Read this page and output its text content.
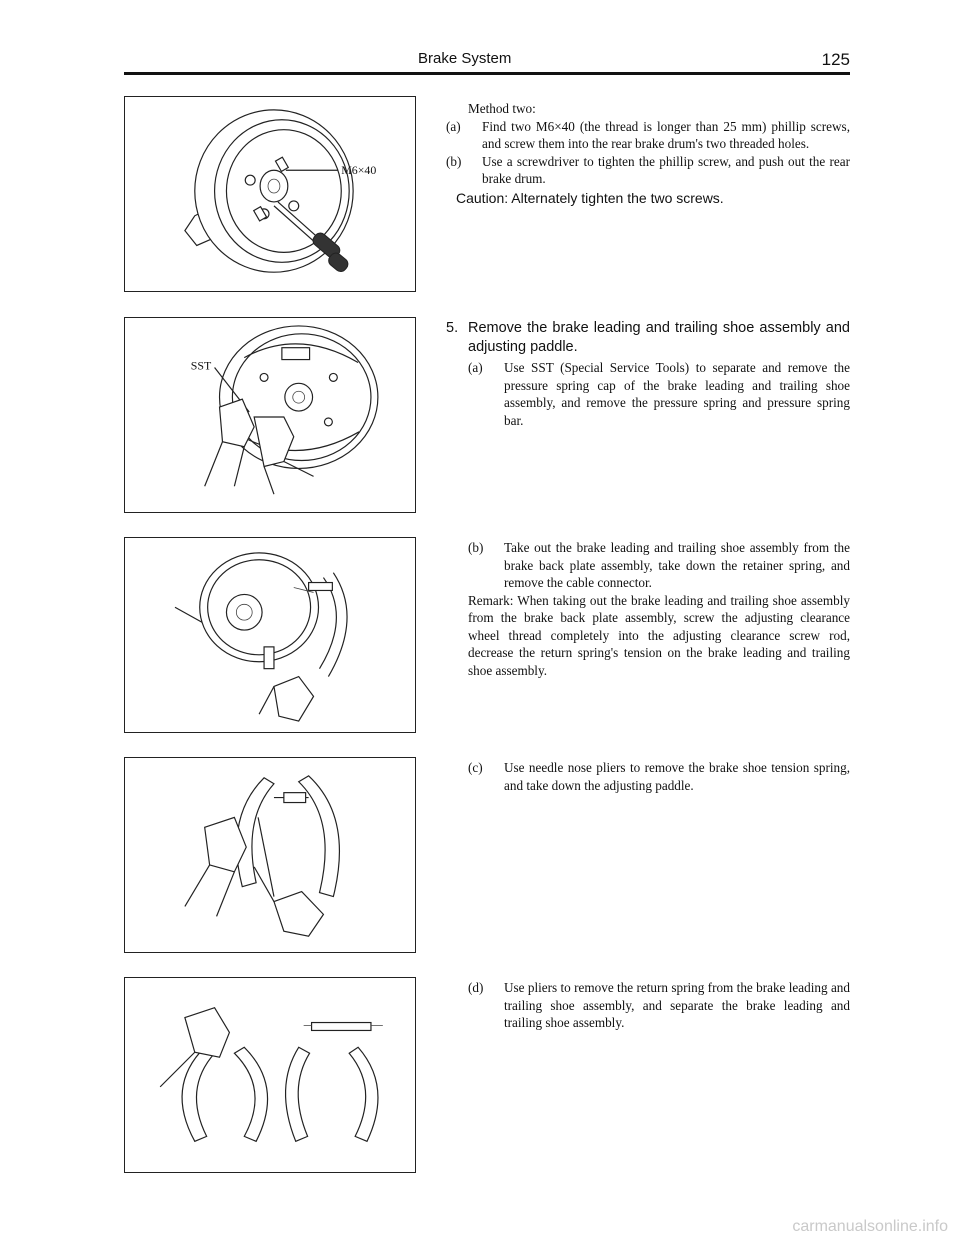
Brake System	125
M6×40

Method two:

(a) Find two M6×40 (the thread is longer than 25 mm) phillip screws, and screw them into the rear brake drum's two threaded holes.

(b) Use a screwdriver to tighten the phillip screw, and push out the rear brake drum.

Caution: Alternately tighten the two screws.

SST

5. Remove the brake leading and trailing shoe assembly and adjusting paddle.

(a) Use SST (Special Service Tools) to separate and remove the pressure spring cap of the brake leading and trailing shoe assembly, and remove the pressure spring and pressure spring bar.

(b) Take out the brake leading and trailing shoe assembly from the brake back plate assembly, take down the retainer spring, and remove the cable connector.

Remark: When taking out the brake leading and trailing shoe assembly from the brake back plate assembly, screw the adjusting clearance wheel thread completely into the adjusting clearance screw rod, decrease the return spring's tension on the brake leading and trailing shoe assembly.

(c) Use needle nose pliers to remove the brake shoe tension spring, and take down the adjusting paddle.

(d) Use pliers to remove the return spring from the brake leading and trailing shoe assembly, and separate the brake leading and trailing shoe assembly.

carmanualsonline.info
